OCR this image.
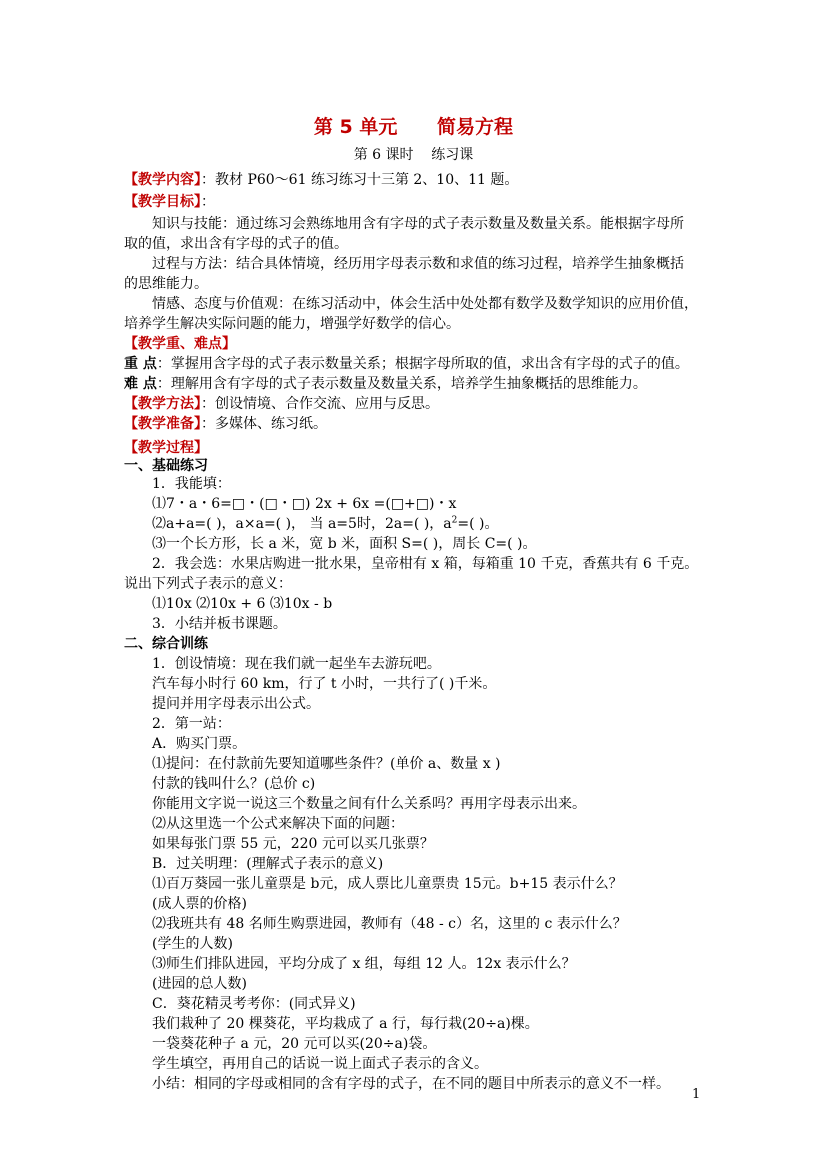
第 5 单元      简易方程
第 6 课时    练习课
【教学内容】：教材 P60～61 练习练习十三第 2、10、11 题。
【教学目标】：
知识与技能：通过练习会熟练地用含有字母的式子表示数量及数量关系。能根据字母所
取的值，求出含有字母的式子的值。
过程与方法：结合具体情境，经历用字母表示数和求值的练习过程，培养学生抽象概括
的思维能力。
情感、态度与价值观：在练习活动中，体会生活中处处都有数学及数学知识的应用价值，
培养学生解决实际问题的能力，增强学好数学的信心。
【教学重、难点】
重 点：掌握用含字母的式子表示数量关系；根据字母所取的值，求出含有字母的式子的值。
难 点：理解用含有字母的式子表示数量及数量关系，培养学生抽象概括的思维能力。
【教学方法】：创设情境、合作交流、应用与反思。
【教学准备】：多媒体、练习纸。
【教学过程】
一、基础练习
1．我能填：
⑴7・a・6=□・(□・□) 2x + 6x =(□+□)・x
⑵a+a=( )，a×a=( )， 当 a=5时，2a=( )，$a^2=$( )。
⑶一个长方形，长 a 米，宽 b 米，面积 S=( )，周长 C=( )。
2．我会选：水果店购进一批水果，皇帝柑有 x 箱，每箱重 10 千克，香蕉共有 6 千克。
说出下列式子表示的意义：
⑴10x ⑵10x + 6 ⑶10x - b
3．小结并板书课题。
二、综合训练
1．创设情境：现在我们就一起坐车去游玩吧。
汽车每小时行 60 km，行了 t 小时，一共行了( )千米。
提问并用字母表示出公式。
2．第一站：
A．购买门票。
⑴提问：在付款前先要知道哪些条件？(单价 a、数量 x )
付款的钱叫什么？(总价 c)
你能用文字说一说这三个数量之间有什么关系吗？再用字母表示出来。
⑵从这里选一个公式来解决下面的问题：
如果每张门票 55 元，220 元可以买几张票？
B．过关明理：(理解式子表示的意义)
⑴百万葵园一张儿童票是 b元，成人票比儿童票贵 15元。b+15 表示什么？
(成人票的价格)
⑵我班共有 48 名师生购票进园，教师有（48 - c）名，这里的 c 表示什么？
(学生的人数)
⑶师生们排队进园，平均分成了 x 组，每组 12 人。12x 表示什么？
(进园的总人数)
C．葵花精灵考考你：(同式异义)
我们栽种了 20 棵葵花，平均栽成了 a 行，每行栽(20÷a)棵。
一袋葵花种子 a 元，20 元可以买(20÷a)袋。
学生填空，再用自己的话说一说上面式子表示的含义。
小结：相同的字母或相同的含有字母的式子，在不同的题目中所表示的意义不一样。
1
